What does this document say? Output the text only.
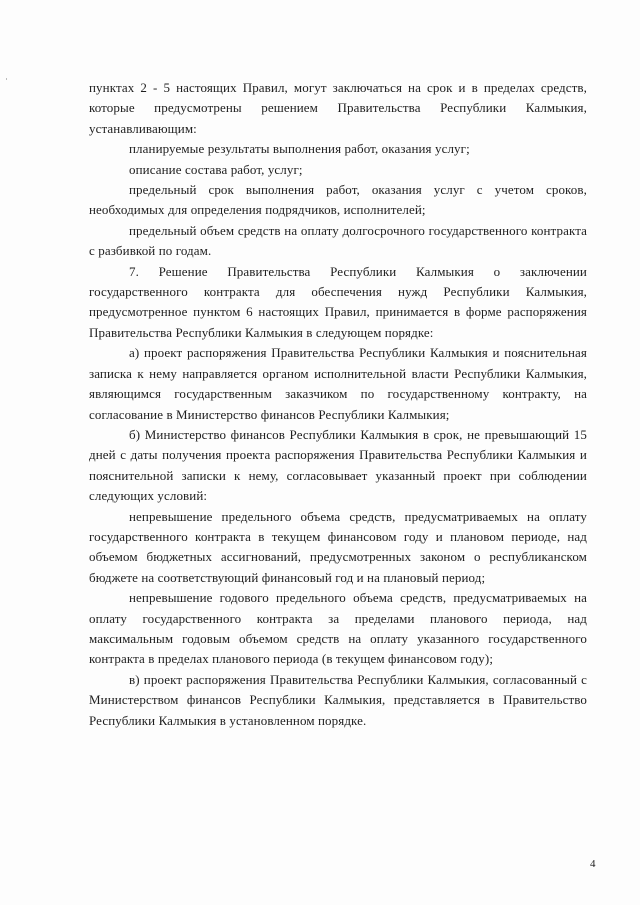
пунктах 2 - 5 настоящих Правил, могут заключаться на срок и в пределах средств, которые предусмотрены решением Правительства Республики Калмыкия, устанавливающим:

планируемые результаты выполнения работ, оказания услуг;

описание состава работ, услуг;

предельный срок выполнения работ, оказания услуг с учетом сроков, необходимых для определения подрядчиков, исполнителей;

предельный объем средств на оплату долгосрочного государственного контракта с разбивкой по годам.

7. Решение Правительства Республики Калмыкия о заключении государственного контракта для обеспечения нужд Республики Калмыкия, предусмотренное пунктом 6 настоящих Правил, принимается в форме распоряжения Правительства Республики Калмыкия в следующем порядке:

а) проект распоряжения Правительства Республики Калмыкия и пояснительная записка к нему направляется органом исполнительной власти Республики Калмыкия, являющимся государственным заказчиком по государственному контракту, на согласование в Министерство финансов Республики Калмыкия;

б) Министерство финансов Республики Калмыкия в срок, не превышающий 15 дней с даты получения проекта распоряжения Правительства Республики Калмыкия и пояснительной записки к нему, согласовывает указанный проект при соблюдении следующих условий:

непревышение предельного объема средств, предусматриваемых на оплату государственного контракта в текущем финансовом году и плановом периоде, над объемом бюджетных ассигнований, предусмотренных законом о республиканском бюджете на соответствующий финансовый год и на плановый период;

непревышение годового предельного объема средств, предусматриваемых на оплату государственного контракта за пределами планового периода, над максимальным годовым объемом средств на оплату указанного государственного контракта в пределах планового периода (в текущем финансовом году);

в) проект распоряжения Правительства Республики Калмыкия, согласованный с Министерством финансов Республики Калмыкия, представляется в Правительство Республики Калмыкия в установленном порядке.

4
